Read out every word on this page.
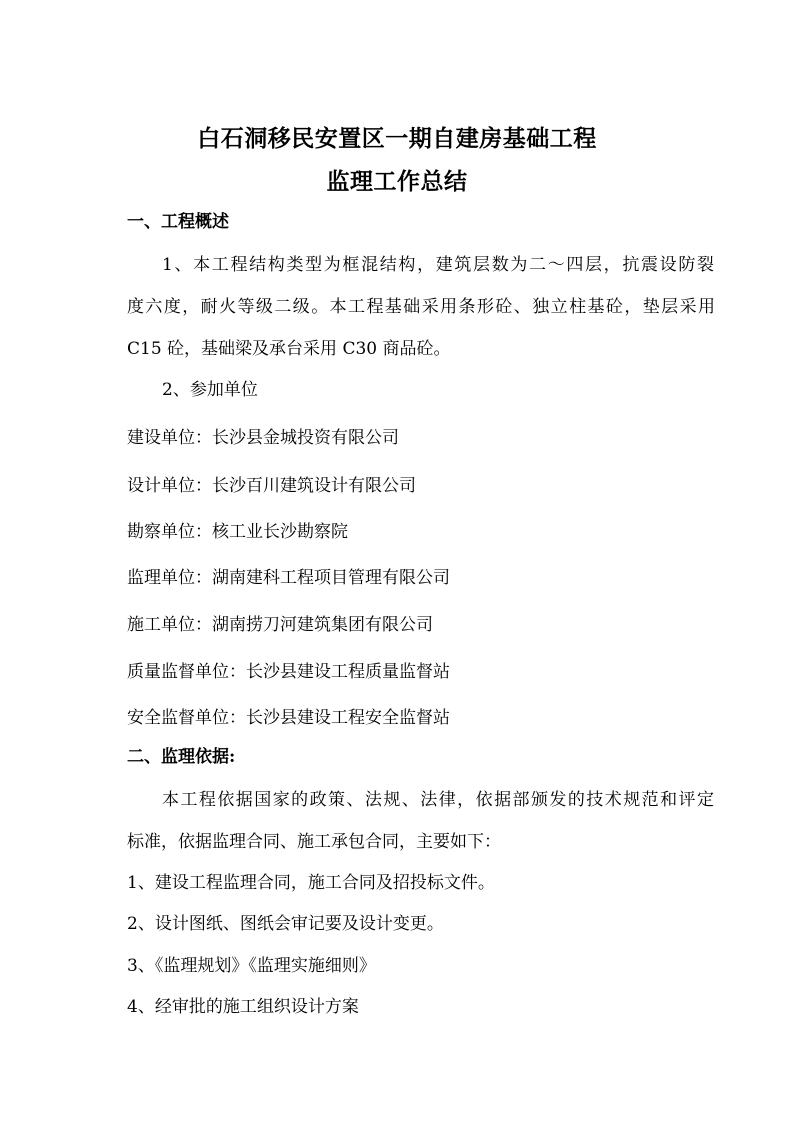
白石洞移民安置区一期自建房基础工程
监理工作总结
一、工程概述
1、本工程结构类型为框混结构，建筑层数为二～四层，抗震设防裂
度六度，耐火等级二级。本工程基础采用条形砼、独立柱基砼，垫层采用
C15 砼，基础梁及承台采用 C30 商品砼。
2、参加单位
建设单位：长沙县金城投资有限公司
设计单位：长沙百川建筑设计有限公司
勘察单位：核工业长沙勘察院
监理单位：湖南建科工程项目管理有限公司
施工单位：湖南捞刀河建筑集团有限公司
质量监督单位：长沙县建设工程质量监督站
安全监督单位：长沙县建设工程安全监督站
二、监理依据:
本工程依据国家的政策、法规、法律，依据部颁发的技术规范和评定
标准，依据监理合同、施工承包合同，主要如下：
1、建设工程监理合同，施工合同及招投标文件。
2、设计图纸、图纸会审记要及设计变更。
3、《监理规划》《监理实施细则》
4、经审批的施工组织设计方案
